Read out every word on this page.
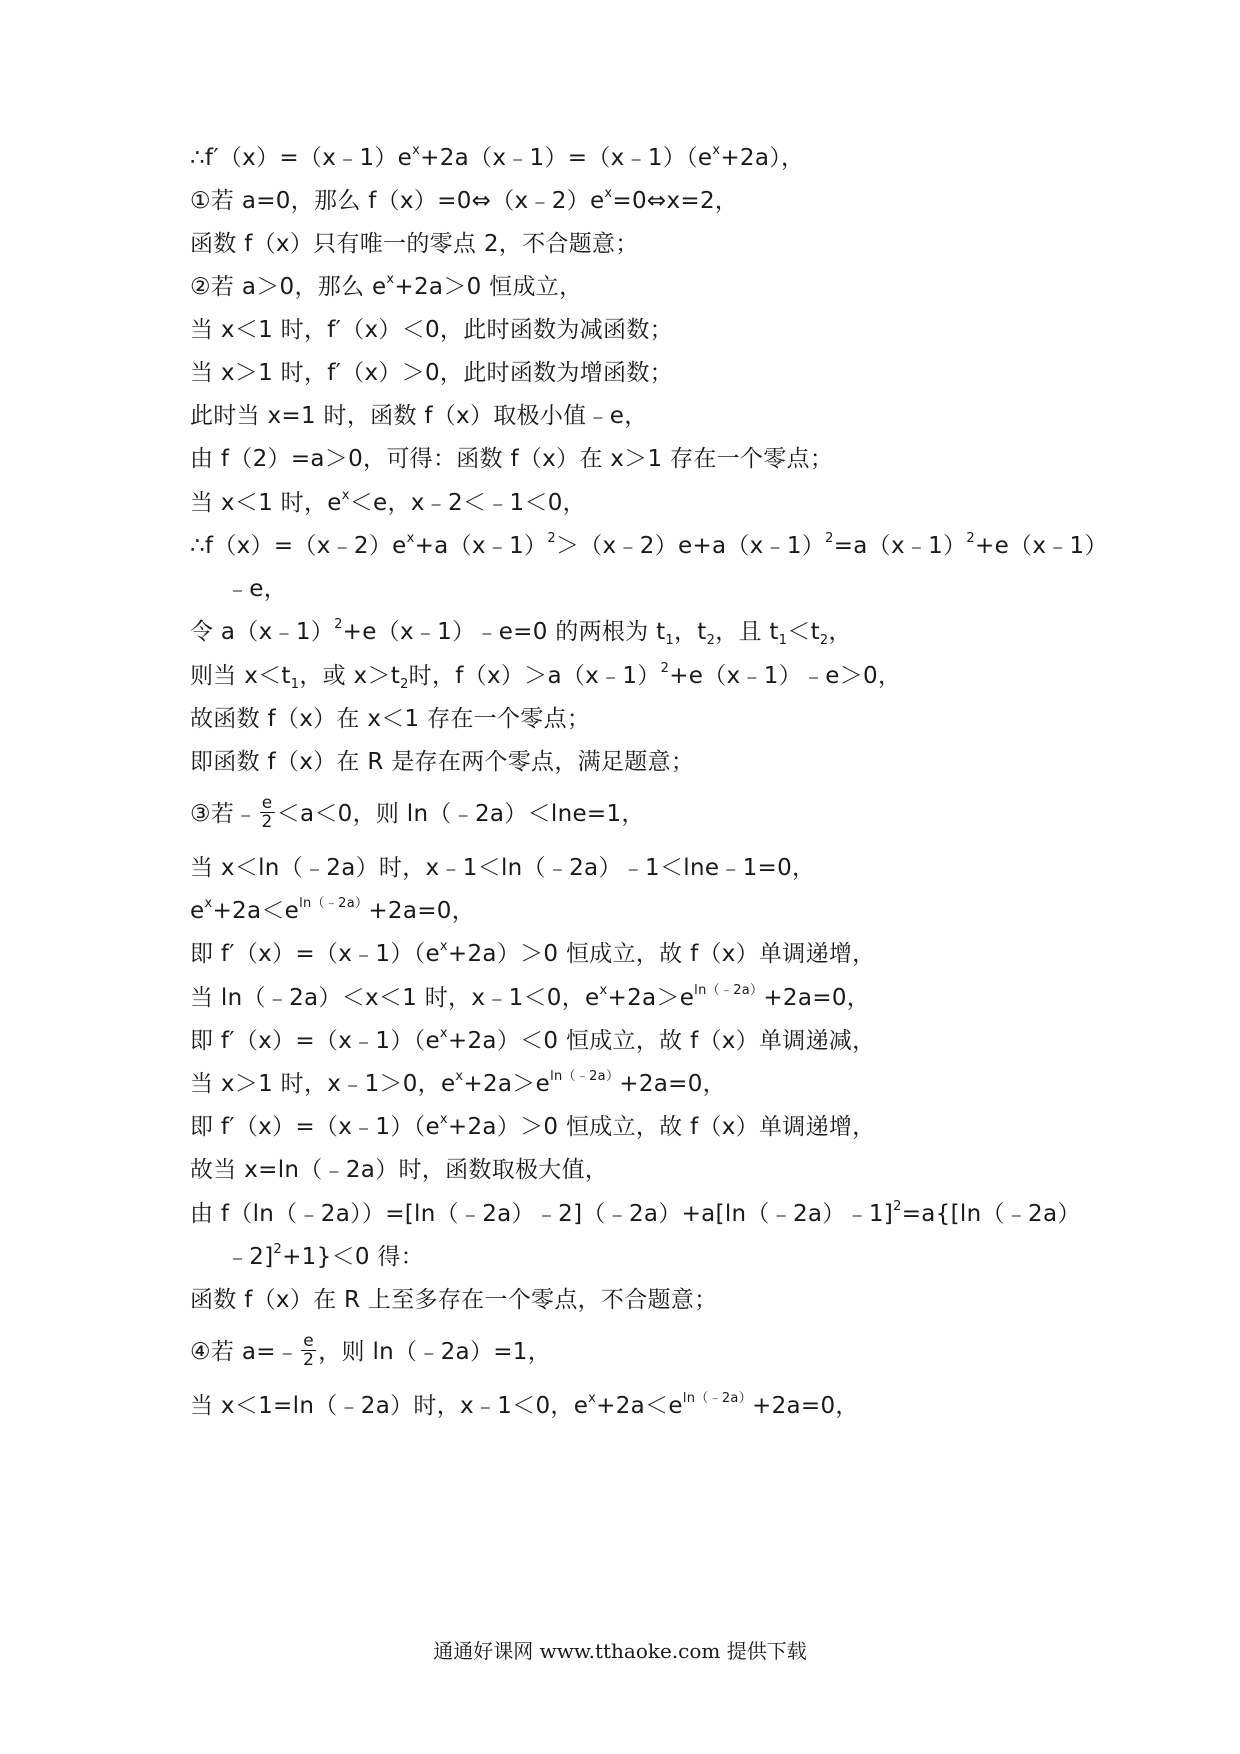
$\therefore f'(x)=(x﹣1)e^x+2a(x﹣1)=(x﹣1)(e^x+2a)$，
①若 a=0，那么 $f(x)=0\Leftrightarrow(x﹣2)e^x=0\Leftrightarrow x=2$，
函数 f（x）只有唯一的零点 2，不合题意；
②若 a＞0，那么 $e^x+2a>0$ 恒成立，
当 x＜1 时，f′（x）＜0，此时函数为减函数；
当 x＞1 时，f′（x）＞0，此时函数为增函数；
此时当 x=1 时，函数 f（x）取极小值﹣e，
由 f（2）=a＞0，可得：函数 f（x）在 x＞1 存在一个零点；
当 x＜1 时，$e^x<e$，x﹣2＜﹣1＜0，
$\therefore f(x)=(x﹣2)e^x+a(x﹣1)^2>(x﹣2)e+a(x﹣1)^2=a(x﹣1)^2+e(x﹣1)$
﹣e，
令 a（x﹣1）$^2$+e（x﹣1）﹣e=0 的两根为 $t_1$，$t_2$，且 $t_1<t_2$，
则当 $x<t_1$，或 $x>t_2$时，f（x）＞a（x﹣1）$^2$+e（x﹣1）﹣e＞0，
故函数 f（x）在 x＜1 存在一个零点；
即函数 f（x）在 R 是存在两个零点，满足题意；
③若﹣ $\frac{e}{2} <a<0$，则 ln（﹣2a）＜lne=1，
当 x＜ln（﹣2a）时，x﹣1＜ln（﹣2a）﹣1＜lne﹣1=0，
$e^x+2a<e^{ln(﹣2a)}+2a=0$，
即 $f'(x)=(x﹣1)(e^x+2a)>0$ 恒成立，故 f（x）单调递增，
当 ln（﹣2a）＜x＜1 时，x﹣1＜0，$e^x+2a>e^{ln(﹣2a)}+2a=0$，
即 $f'(x)=(x﹣1)(e^x+2a)<0$ 恒成立，故 f（x）单调递减，
当 x＞1 时，x﹣1＞0，$e^x+2a>e^{ln(﹣2a)}+2a=0$，
即 $f'(x)=(x﹣1)(e^x+2a)>0$ 恒成立，故 f（x）单调递增，
故当 x=ln（﹣2a）时，函数取极大值，
由 f（ln（﹣2a））=[ln（﹣2a）﹣2]（﹣2a）+a[ln（﹣2a）﹣1]$^2$=a{[ln（﹣2a）
﹣2]$^2$+1}＜0 得：
函数 f（x）在 R 上至多存在一个零点，不合题意；
④若 a=﹣ $\frac{e}{2}$ ，则 ln（﹣2a）=1，
当 x＜1=ln（﹣2a）时，x﹣1＜0，$e^x+2a<e^{ln(﹣2a)}+2a=0$，
通通好课网 www.tthaoke.com 提供下载
